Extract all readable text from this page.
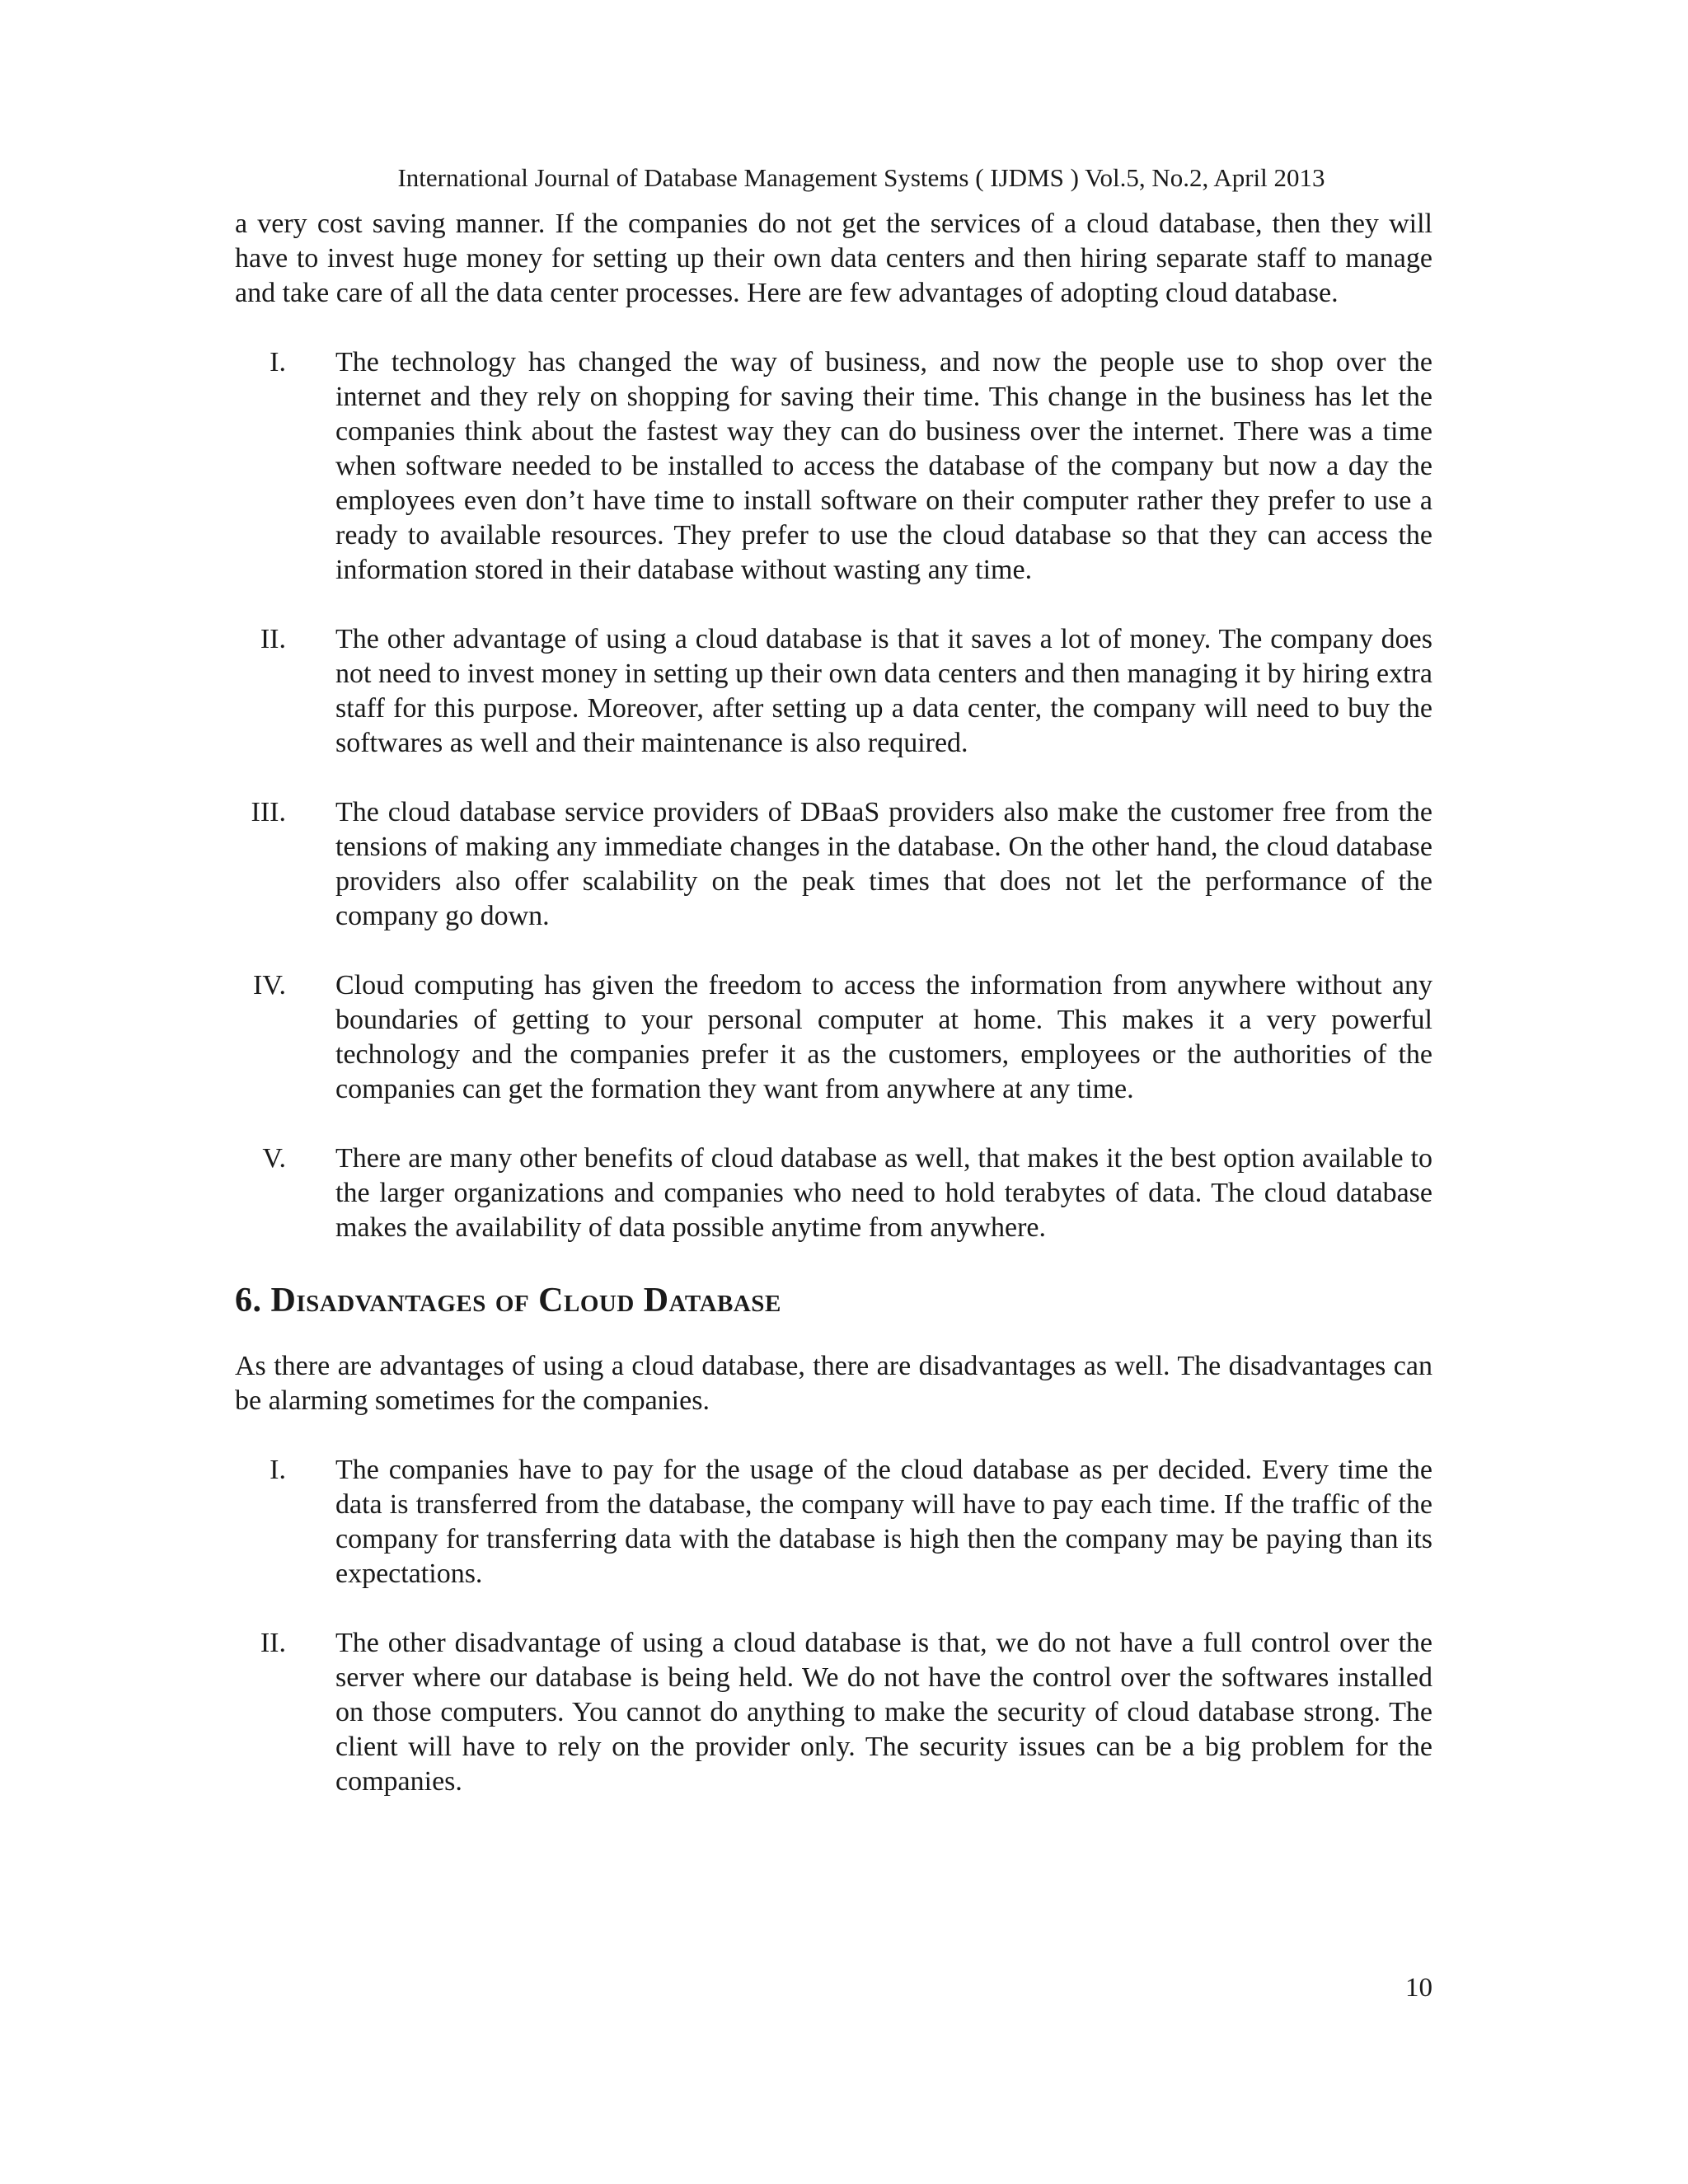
International Journal of Database Management Systems ( IJDMS ) Vol.5, No.2, April 2013

a very cost saving manner. If the companies do not get the services of a cloud database, then they will have to invest huge money for setting up their own data centers and then hiring separate staff to manage and take care of all the data center processes. Here are few advantages of adopting cloud database.

I. The technology has changed the way of business, and now the people use to shop over the internet and they rely on shopping for saving their time. This change in the business has let the companies think about the fastest way they can do business over the internet. There was a time when software needed to be installed to access the database of the company but now a day the employees even don’t have time to install software on their computer rather they prefer to use a ready to available resources. They prefer to use the cloud database so that they can access the information stored in their database without wasting any time.

II. The other advantage of using a cloud database is that it saves a lot of money. The company does not need to invest money in setting up their own data centers and then managing it by hiring extra staff for this purpose. Moreover, after setting up a data center, the company will need to buy the softwares as well and their maintenance is also required.

III. The cloud database service providers of DBaaS providers also make the customer free from the tensions of making any immediate changes in the database. On the other hand, the cloud database providers also offer scalability on the peak times that does not let the performance of the company go down.

IV. Cloud computing has given the freedom to access the information from anywhere without any boundaries of getting to your personal computer at home. This makes it a very powerful technology and the companies prefer it as the customers, employees or the authorities of the companies can get the formation they want from anywhere at any time.

V. There are many other benefits of cloud database as well, that makes it the best option available to the larger organizations and companies who need to hold terabytes of data. The cloud database makes the availability of data possible anytime from anywhere.

6. Disadvantages of Cloud Database

As there are advantages of using a cloud database, there are disadvantages as well. The disadvantages can be alarming sometimes for the companies.

I. The companies have to pay for the usage of the cloud database as per decided. Every time the data is transferred from the database, the company will have to pay each time. If the traffic of the company for transferring data with the database is high then the company may be paying than its expectations.

II. The other disadvantage of using a cloud database is that, we do not have a full control over the server where our database is being held. We do not have the control over the softwares installed on those computers. You cannot do anything to make the security of cloud database strong. The client will have to rely on the provider only. The security issues can be a big problem for the companies.

10
